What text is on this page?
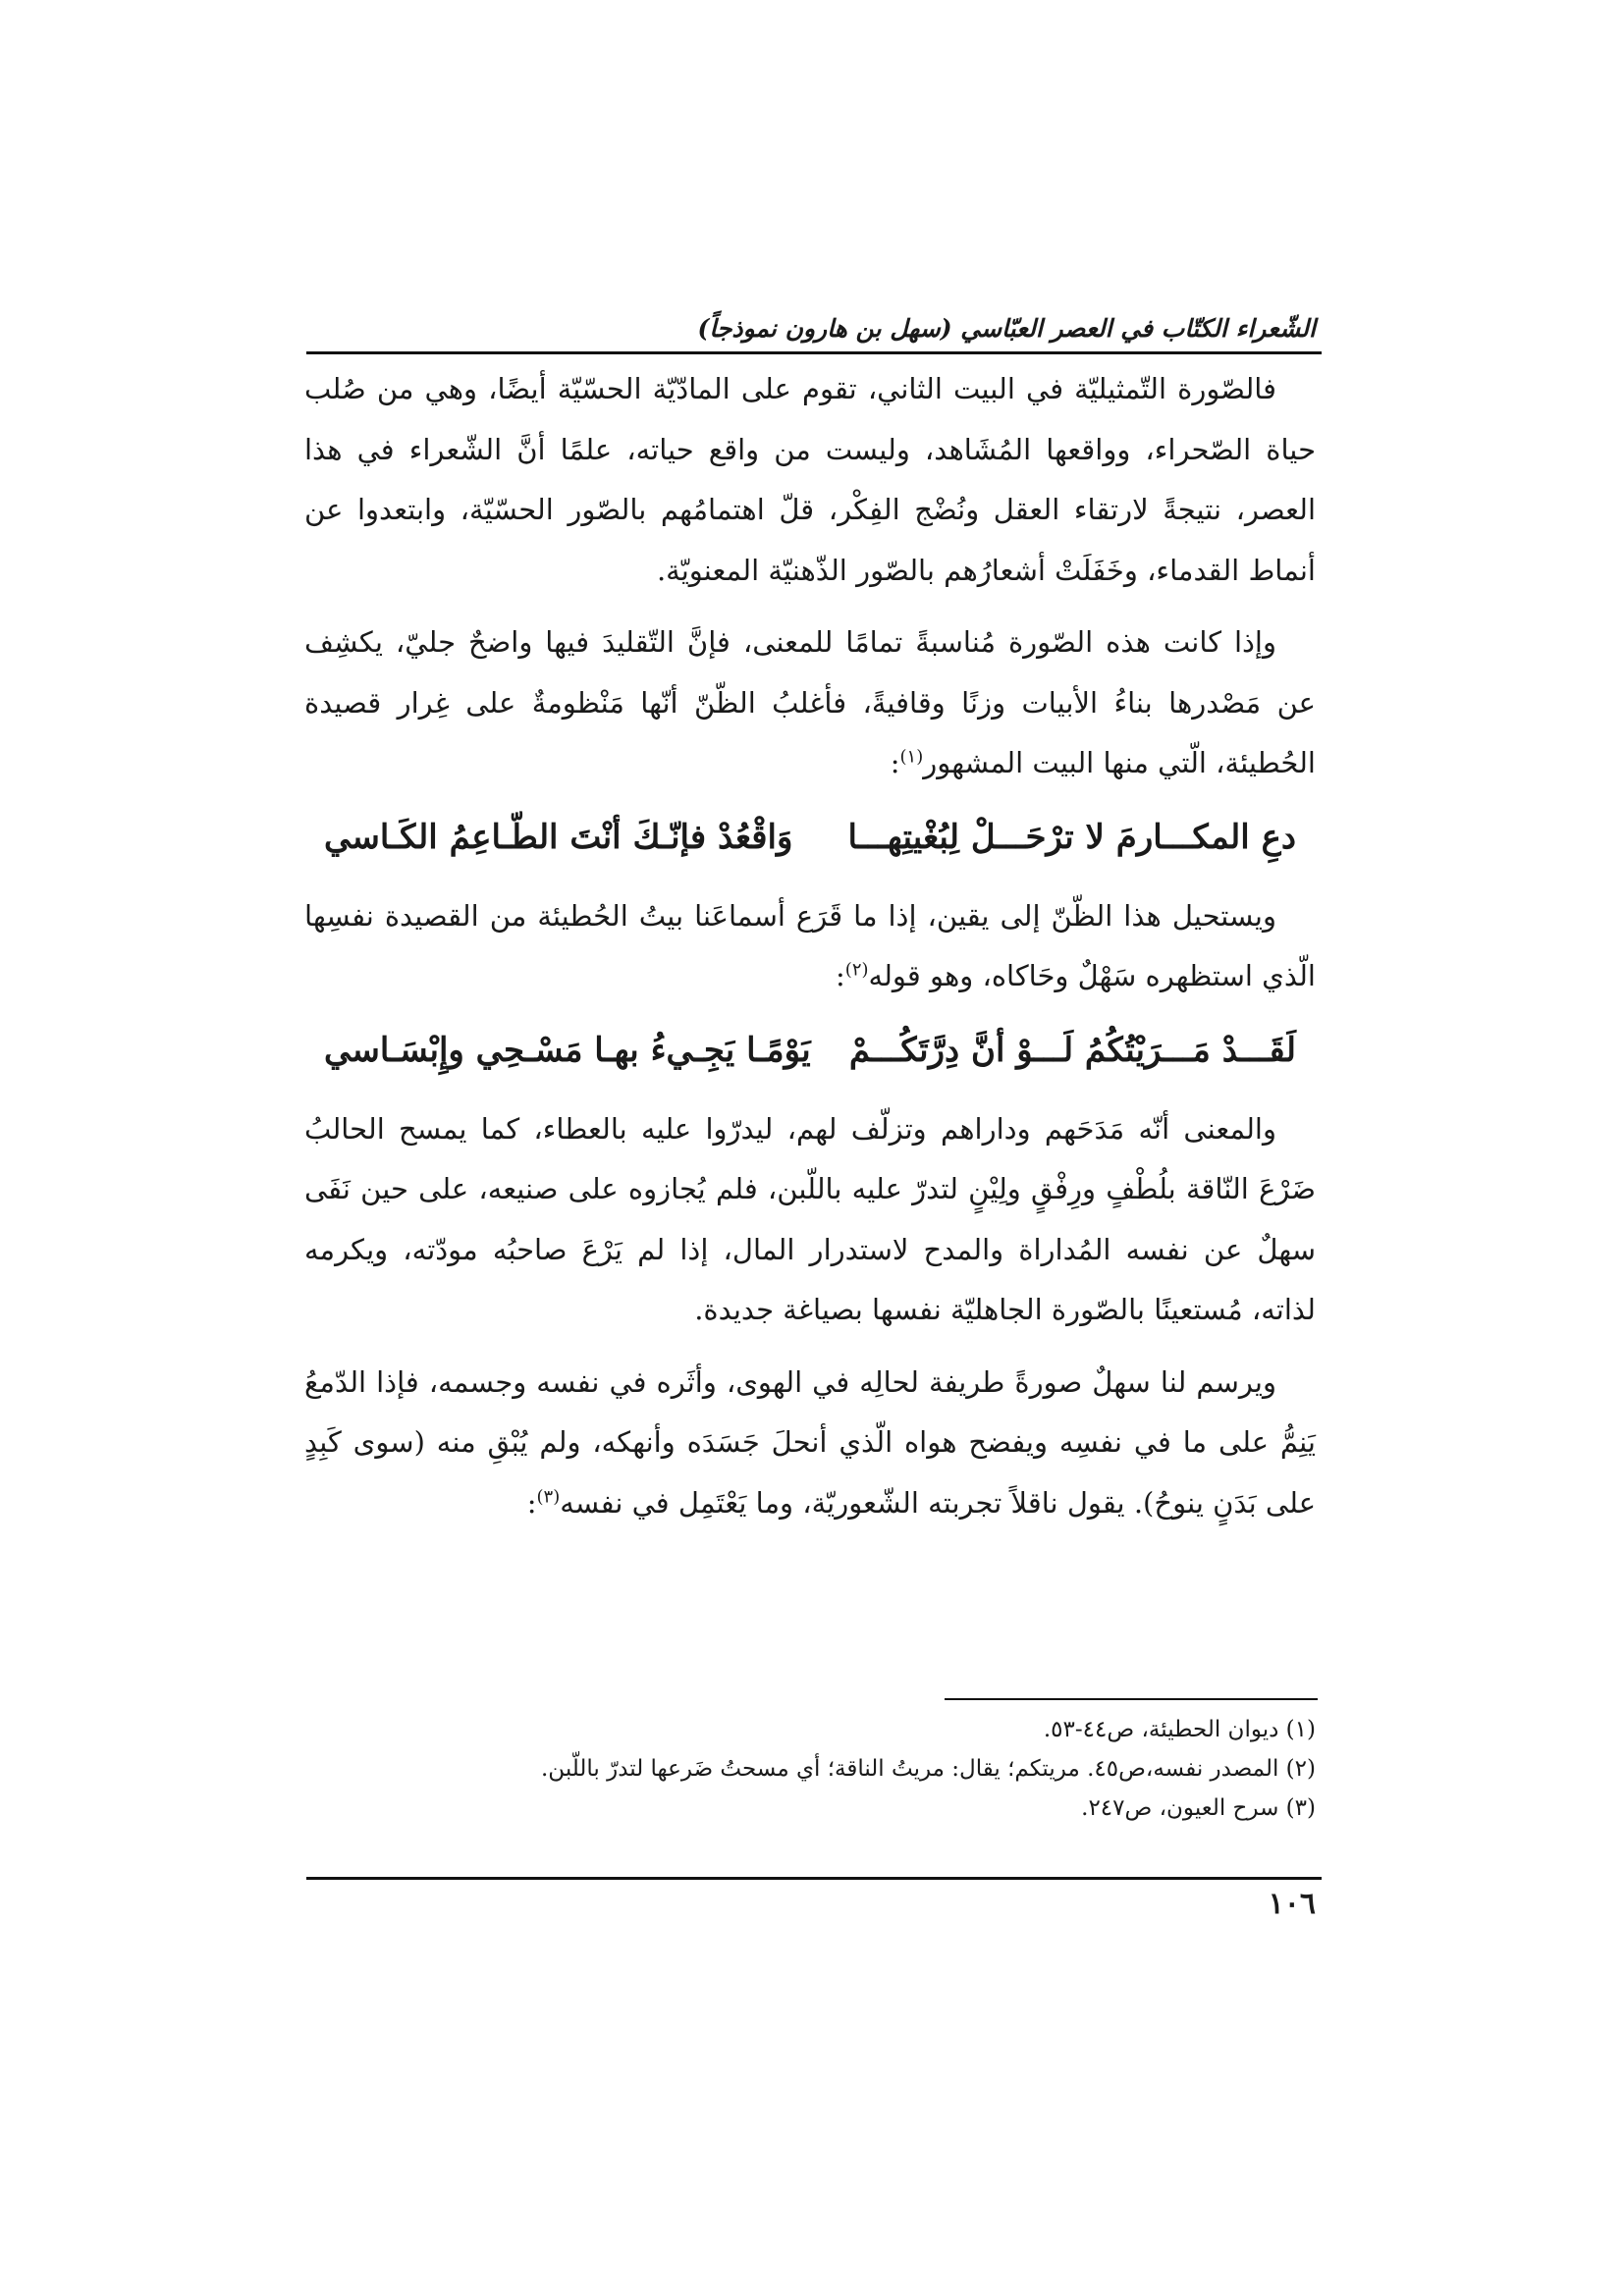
الشّعراء الكتّاب في العصر العبّاسي (سهل بن هارون نموذجاً)

فالصّورة التّمثيليّة في البيت الثاني، تقوم على المادّيّة الحسّيّة أيضًا، وهي من صُلب حياة الصّحراء، وواقعها المُشَاهد، وليست من واقع حياته، علمًا أنَّ الشّعراء في هذا العصر، نتيجةً لارتقاء العقل ونُضْج الفِكْر، قلّ اهتمامُهم بالصّور الحسّيّة، وابتعدوا عن أنماط القدماء، وخَفَلَتْ أشعارُهم بالصّور الذّهنيّة المعنويّة.

وإذا كانت هذه الصّورة مُناسبةً تمامًا للمعنى، فإنَّ التّقليدَ فيها واضحٌ جليّ، يكشِف عن مَصْدرها بناءُ الأبيات وزنًا وقافيةً، فأغلبُ الظّنّ أنّها مَنْظومةٌ على غِرار قصيدة الحُطيئة، الّتي منها البيت المشهور$^{(١)}$:

دعِ المكـــارمَ لا ترْحَـــلْ لِبُغْيتِهـــا
وَاقْعُدْ فإنّـكَ أنْتَ الطّـاعِمُ الكَـاسي

ويستحيل هذا الظّنّ إلى يقين، إذا ما قَرَع أسماعَنا بيتُ الحُطيئة من القصيدة نفسِها الّذي استظهره سَهْلٌ وحَاكاه، وهو قوله$^{(٢)}$:

لَقَـــدْ مَـــرَيْتُكُمُ لَـــوْ أنَّ دِرَّتَكُـــمْ
يَوْمًـا يَجِـيءُ بهـا مَسْـحِي وإِبْسَـاسي

والمعنى أنّه مَدَحَهم وداراهم وتزلّف لهم، ليدرّوا عليه بالعطاء، كما يمسح الحالبُ ضَرْعَ النّاقة بلُطْفٍ ورِفْقٍ ولِيْنٍ لتدرّ عليه باللّبن، فلم يُجازوه على صنيعه، على حين نَفَى سهلٌ عن نفسه المُداراة والمدح لاستدرار المال، إذا لم يَرْعَ صاحبُه مودّته، ويكرمه لذاته، مُستعينًا بالصّورة الجاهليّة نفسها بصياغة جديدة.

ويرسم لنا سهلٌ صورةً طريفة لحالِه في الهوى، وأثَره في نفسه وجسمه، فإذا الدّمعُ يَنِمُّ على ما في نفسِه ويفضح هواه الّذي أنحلَ جَسَدَه وأنهكه، ولم يُبْقِ منه (سوى كَبِدٍ على بَدَنٍ ينوحُ). يقول ناقلاً تجربته الشّعوريّة، وما يَعْتَمِل في نفسه$^{(٣)}$:

(١) ديوان الحطيئة، ص٤٤-٥٣.
(٢) المصدر نفسه،ص٤٥. مريتكم؛ يقال: مريتُ الناقة؛ أي مسحتُ ضَرعها لتدرّ باللّبن.
(٣) سرح العيون، ص٢٤٧.
١٠٦
